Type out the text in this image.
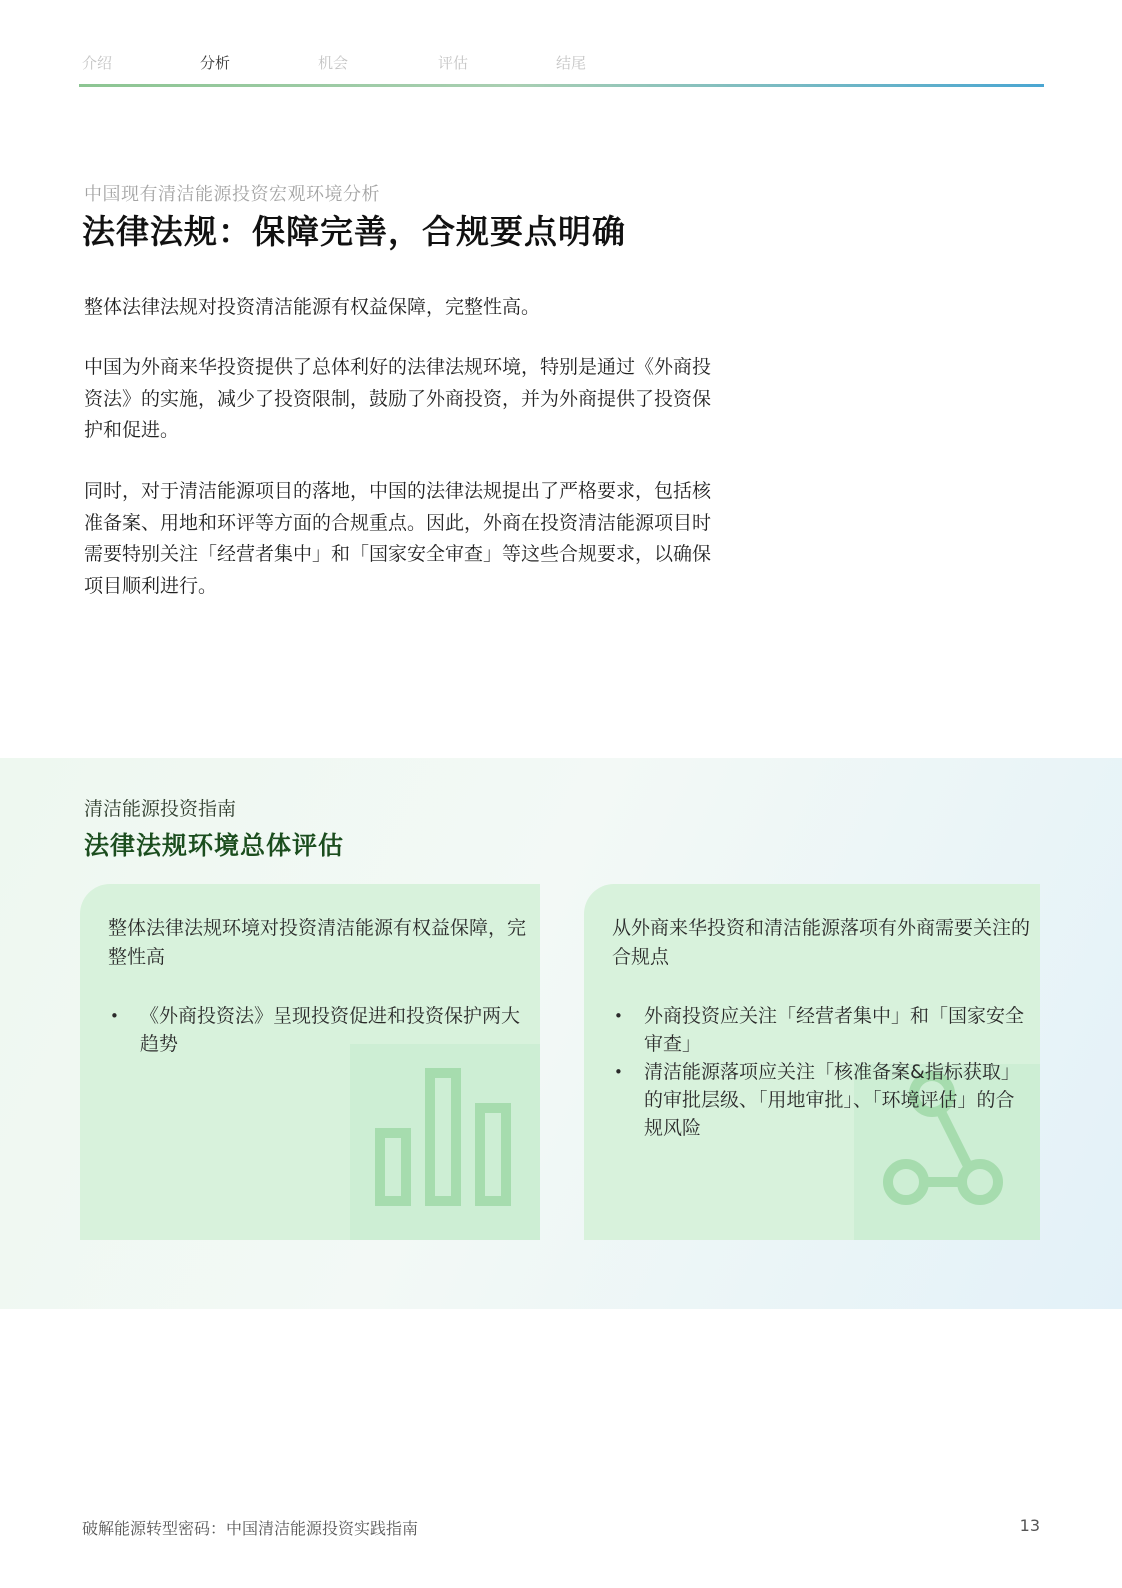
介绍	分析	机会	评估	结尾
中国现有清洁能源投资宏观环境分析
法律法规：保障完善，合规要点明确

整体法律法规对投资清洁能源有权益保障，完整性高。

中国为外商来华投资提供了总体利好的法律法规环境，特别是通过《外商投资法》的实施，减少了投资限制，鼓励了外商投资，并为外商提供了投资保护和促进。

同时，对于清洁能源项目的落地，中国的法律法规提出了严格要求，包括核准备案、用地和环评等方面的合规重点。因此，外商在投资清洁能源项目时需要特别关注「经营者集中」和「国家安全审查」等这些合规要求，以确保项目顺利进行。

清洁能源投资指南
法律法规环境总体评估

整体法律法规环境对投资清洁能源有权益保障，完整性高

• 《外商投资法》呈现投资促进和投资保护两大趋势

从外商来华投资和清洁能源落项有外商需要关注的合规点

• 外商投资应关注「经营者集中」和「国家安全审查」
• 清洁能源落项应关注「核准备案&指标获取」的审批层级、「用地审批」、「环境评估」的合规风险
破解能源转型密码：中国清洁能源投资实践指南	13
